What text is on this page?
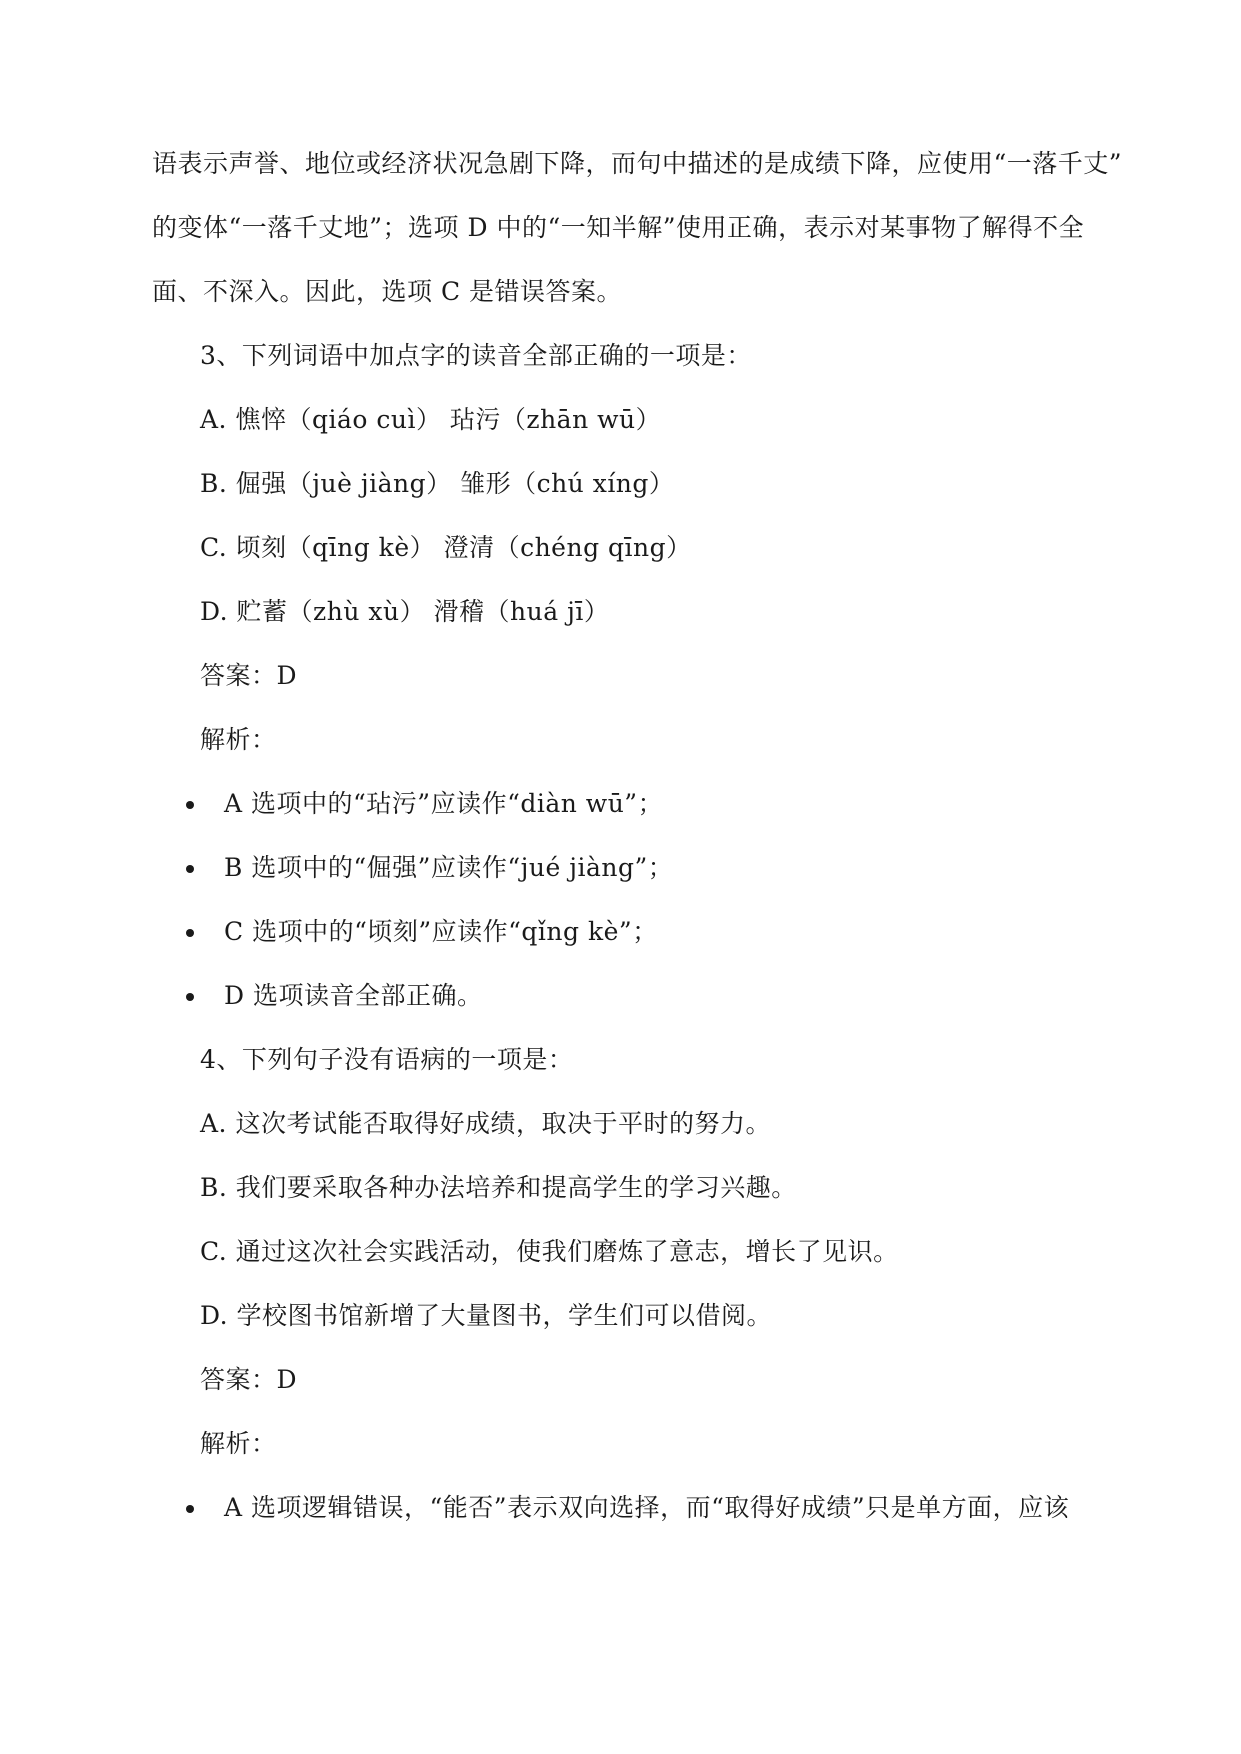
语表示声誉、地位或经济状况急剧下降，而句中描述的是成绩下降，应使用“一落千丈”
的变体“一落千丈地”；选项 D 中的“一知半解”使用正确，表示对某事物了解得不全
面、不深入。因此，选项 C 是错误答案。
3、下列词语中加点字的读音全部正确的一项是：
A. 憔悴（qiáo cuì） 玷污（zhān wū）
B. 倔强（juè jiàng） 雏形（chú xíng）
C. 顷刻（qīng kè） 澄清（chéng qīng）
D. 贮蓄（zhù xù） 滑稽（huá jī）
答案：D
解析：
A 选项中的“玷污”应读作“diàn wū”；
B 选项中的“倔强”应读作“jué jiàng”；
C 选项中的“顷刻”应读作“qǐng kè”；
D 选项读音全部正确。
4、下列句子没有语病的一项是：
A. 这次考试能否取得好成绩，取决于平时的努力。
B. 我们要采取各种办法培养和提高学生的学习兴趣。
C. 通过这次社会实践活动，使我们磨炼了意志，增长了见识。
D. 学校图书馆新增了大量图书，学生们可以借阅。
答案：D
解析：
A 选项逻辑错误，“能否”表示双向选择，而“取得好成绩”只是单方面，应该
